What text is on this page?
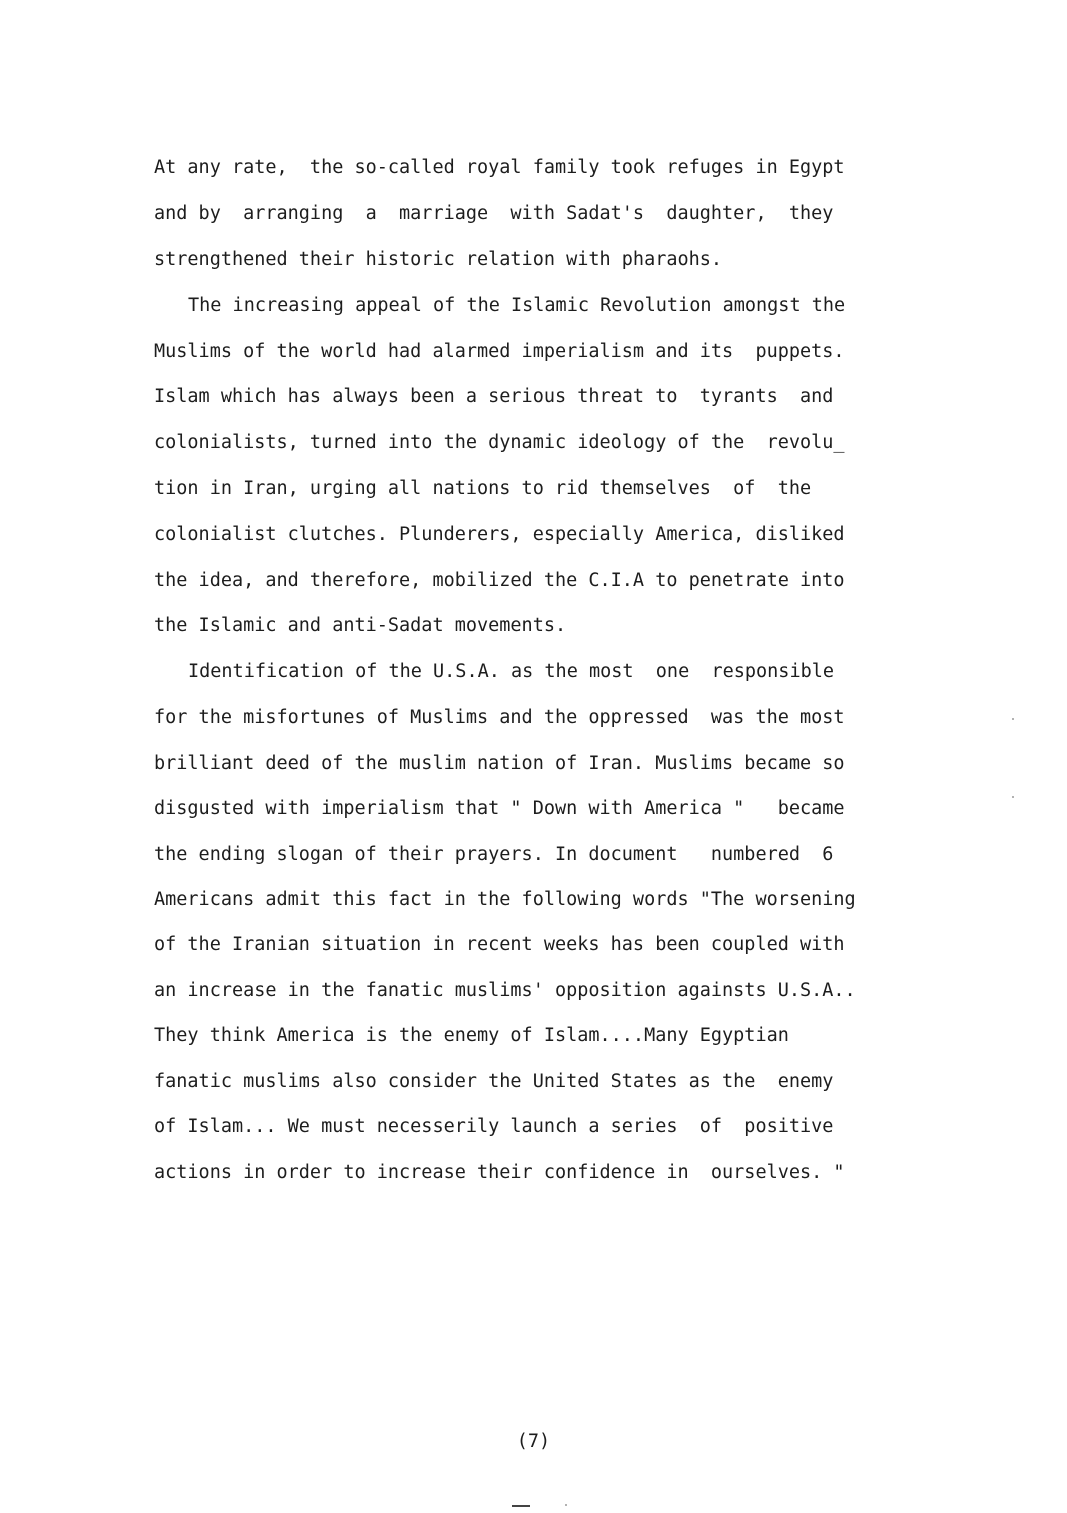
At any rate,  the so-called royal family took refuges in Egypt

and by  arranging  a  marriage  with Sadat's  daughter,  they

strengthened their historic relation with pharaohs.

The increasing appeal of the Islamic Revolution amongst the

Muslims of the world had alarmed imperialism and its  puppets.

Islam which has always been a serious threat to  tyrants  and

colonialists, turned into the dynamic ideology of the  revolu_

tion in Iran, urging all nations to rid themselves  of  the

colonialist clutches. Plunderers, especially America, disliked

the idea, and therefore, mobilized the C.I.A to penetrate into

the Islamic and anti-Sadat movements.

Identification of the U.S.A. as the most  one  responsible

for the misfortunes of Muslims and the oppressed  was the most

brilliant deed of the muslim nation of Iran. Muslims became so

disgusted with imperialism that " Down with America "   became

the ending slogan of their prayers. In document   numbered  6

Americans admit this fact in the following words "The worsening

of the Iranian situation in recent weeks has been coupled with

an increase in the fanatic muslims' opposition againsts U.S.A..

They think America is the enemy of Islam....Many Egyptian

fanatic muslims also consider the United States as the  enemy

of Islam... We must necesserily launch a series  of  positive

actions in order to increase their confidence in  ourselves. "

(7)
